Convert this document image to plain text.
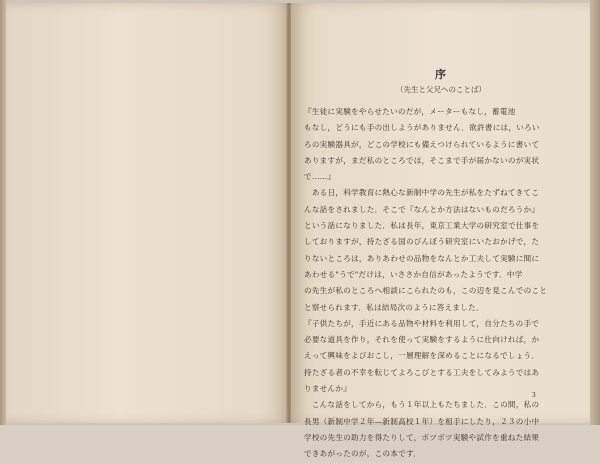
序
（先生と父兄へのことば）
『生徒に実験をやらせたいのだが，メーターもなし，蓄電池
もなし，どうにも手の出しようがありません．欲許書には，いろい
ろの実験器具が，どこの学校にも備えつけられているように書いて
ありますが，まだ私のところでは，そこまで手が届かないのが実状
で……』
　ある日，科学教育に熱心な新制中学の先生が私をたずねてきてこ
んな話をされました．そこで『なんとか方法はないものだろうか』
という話になりました．私は長年，東京工業大学の研究室で仕事を
しておりますが，持たざる国のびんぼう研究室にいたおかげで，た
りないところは，ありあわせの品物をなんとか工夫して実験に間に
あわせる"うで"だけは，いささか自信があったようです．中学
の先生が私のところへ相談にこられたのも，この辺を見こんでのこと
と察せられます．私は結局次のように答えました．
『子供たちが，手近にある品物や材料を利用して，自分たちの手で
必要な道具を作り，それを使って実験をするように仕向ければ，か
えって興味をよびおこし，一層理解を深めることになるでしょう．
持たざる者の不幸を転じてよろこびとする工夫をしてみようではあ
りませんか』
　こんな話をしてから，もう１年以上もたちました．この間，私の
長男（新制中学２年―新制高校１年）を相手にしたり，２３の小中
学校の先生の助力を得たりして，ボツボツ実験や試作を重ねた結果
できあがったのが，この本です．
3
